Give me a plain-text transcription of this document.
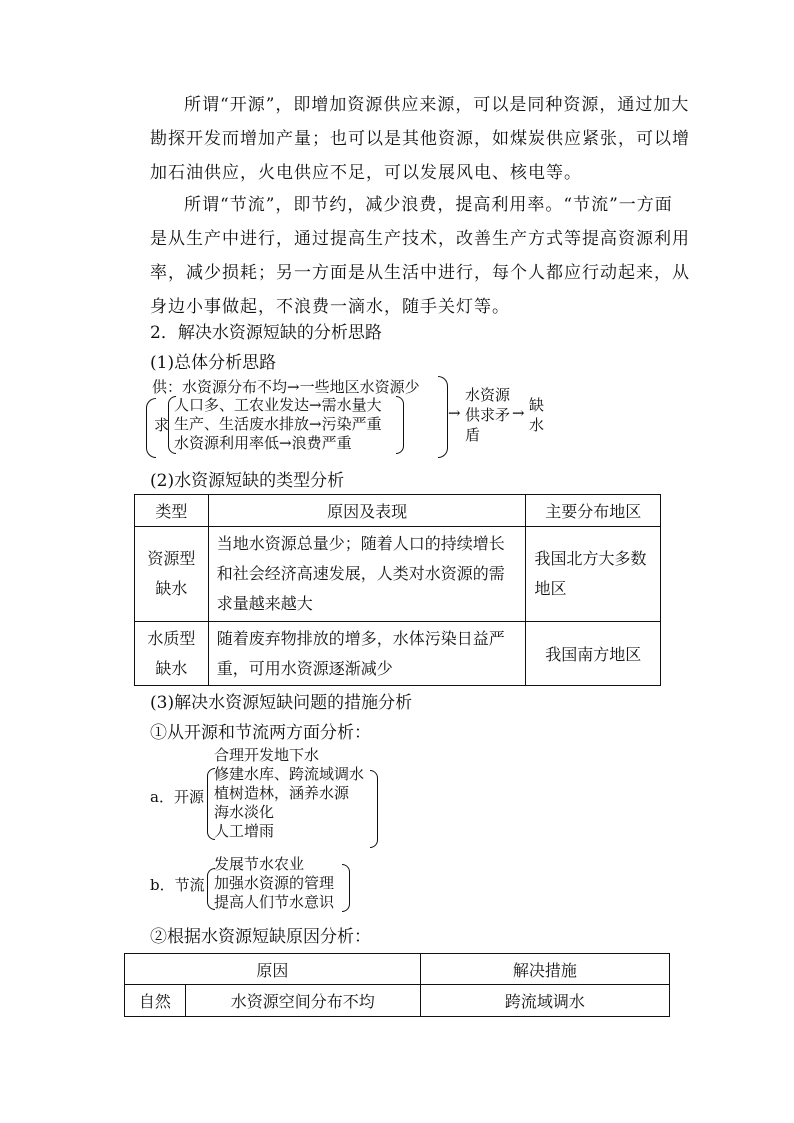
所谓“开源”，即增加资源供应来源，可以是同种资源，通过加大勘探开发而增加产量；也可以是其他资源，如煤炭供应紧张，可以增加石油供应，火电供应不足，可以发展风电、核电等。
所谓“节流”，即节约，减少浪费，提高利用率。“节流”一方面是从生产中进行，通过提高生产技术，改善生产方式等提高资源利用率，减少损耗；另一方面是从生活中进行，每个人都应行动起来，从身边小事做起，不浪费一滴水，随手关灯等。
2．解决水资源短缺的分析思路
(1)总体分析思路
供：水资源分布不均→一些地区水资源少
求
人口多、工农业发达→需水量大
生产、生活废水排放→污染严重
水资源利用率低→浪费严重
→
水资源
供求矛
盾
→ 缺
水
(2)水资源短缺的类型分析
类型	原因及表现	主要分布地区
资源型缺水	当地水资源总量少；随着人口的持续增长和社会经济高速发展，人类对水资源的需求量越来越大	我国北方大多数地区
水质型缺水	随着废弃物排放的增多，水体污染日益严重，可用水资源逐渐减少	我国南方地区
(3)解决水资源短缺问题的措施分析
①从开源和节流两方面分析：
a．开源
合理开发地下水
修建水库、跨流域调水
植树造林，涵养水源
海水淡化
人工增雨
b．节流
发展节水农业
加强水资源的管理
提高人们节水意识
②根据水资源短缺原因分析：
原因		解决措施
自然	水资源空间分布不均	跨流域调水
